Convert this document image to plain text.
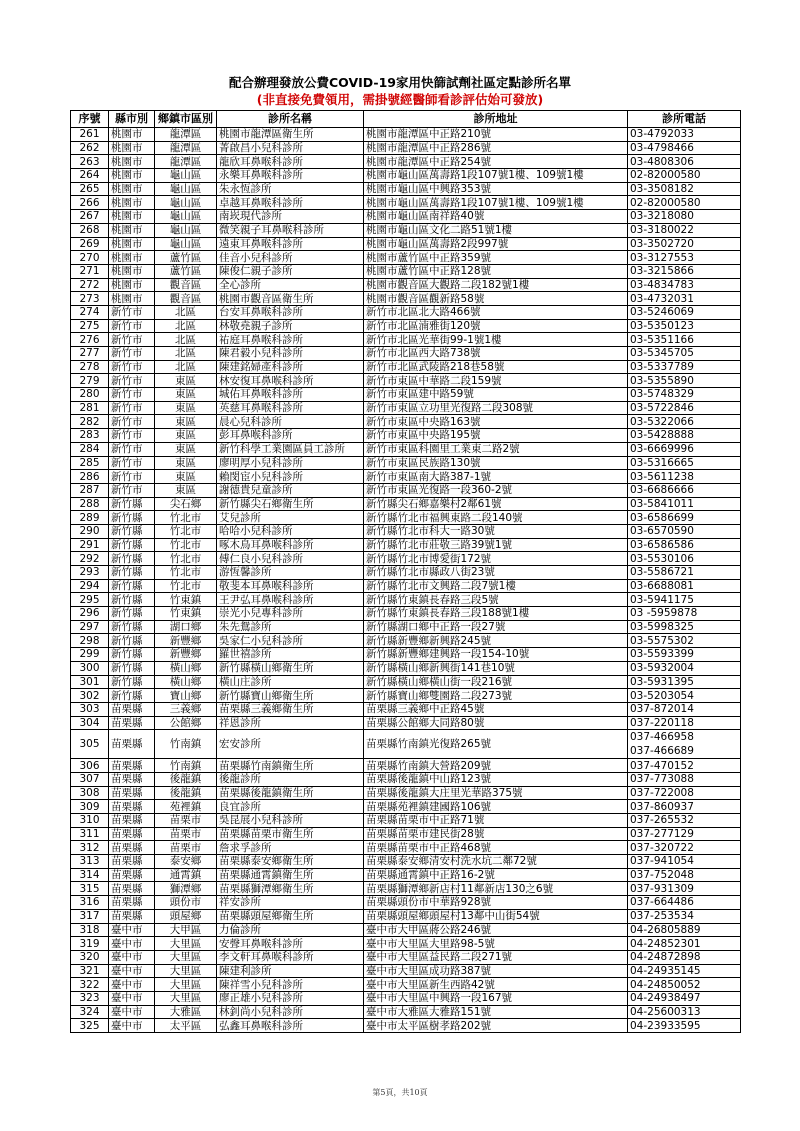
配合辦理發放公費COVID-19家用快篩試劑社區定點診所名單
(非直接免費領用，需掛號經醫師看診評估始可發放)
序號	縣市別	鄉鎮市區別	診所名稱	診所地址	診所電話
261	桃園市	龍潭區	桃園市龍潭區衛生所	桃園市龍潭區中正路210號	03-4792033
262	桃園市	龍潭區	菁啟昌小兒科診所	桃園市龍潭區中正路286號	03-4798466
263	桃園市	龍潭區	龍欣耳鼻喉科診所	桃園市龍潭區中正路254號	03-4808306
264	桃園市	龜山區	永樂耳鼻喉科診所	桃園市龜山區萬壽路1段107號1樓、109號1樓	02-82000580
265	桃園市	龜山區	朱永恆診所	桃園市龜山區中興路353號	03-3508182
266	桃園市	龜山區	卓越耳鼻喉科診所	桃園市龜山區萬壽路1段107號1樓、109號1樓	02-82000580
267	桃園市	龜山區	南崁現代診所	桃園市龜山區南祥路40號	03-3218080
268	桃園市	龜山區	微笑親子耳鼻喉科診所	桃園市龜山區文化二路51號1樓	03-3180022
269	桃園市	龜山區	遠東耳鼻喉科診所	桃園市龜山區萬壽路2段997號	03-3502720
270	桃園市	蘆竹區	佳音小兒科診所	桃園市蘆竹區中正路359號	03-3127553
271	桃園市	蘆竹區	陳俊仁親子診所	桃園市蘆竹區中正路128號	03-3215866
272	桃園市	觀音區	全心診所	桃園市觀音區大觀路二段182號1樓	03-4834783
273	桃園市	觀音區	桃園市觀音區衛生所	桃園市觀音區觀新路58號	03-4732031
274	新竹市	北區	台安耳鼻喉科診所	新竹市北區北大路466號	03-5246069
275	新竹市	北區	林敬堯親子診所	新竹市北區湳雅街120號	03-5350123
276	新竹市	北區	祐庭耳鼻喉科診所	新竹市北區光華街99-1號1樓	03-5351166
277	新竹市	北區	陳君毅小兒科診所	新竹市北區西大路738號	03-5345705
278	新竹市	北區	陳建銘婦產科診所	新竹市北區武陵路218巷58號	03-5337789
279	新竹市	東區	林安復耳鼻喉科診所	新竹市東區中華路二段159號	03-5355890
280	新竹市	東區	城佑耳鼻喉科診所	新竹市東區建中路59號	03-5748329
281	新竹市	東區	英慈耳鼻喉科診所	新竹市東區立功里光復路二段308號	03-5722846
282	新竹市	東區	晨心兒科診所	新竹市東區中央路163號	03-5322066
283	新竹市	東區	彭耳鼻喉科診所	新竹市東區中央路195號	03-5428888
284	新竹市	東區	新竹科學工業園區員工診所	新竹市東區科園里工業東二路2號	03-6669996
285	新竹市	東區	廖明厚小兒科診所	新竹市東區民族路130號	03-5316665
286	新竹市	東區	賴閔宦小兒科診所	新竹市東區南大路387-1號	03-5611238
287	新竹市	東區	謝德貴兒童診所	新竹市東區光復路一段360-2號	03-6686666
288	新竹縣	尖石鄉	新竹縣尖石鄉衛生所	新竹縣尖石鄉嘉樂村2鄰61號	03-5841011
289	新竹縣	竹北市	艾兒診所	新竹縣竹北市福興東路二段140號	03-6586699
290	新竹縣	竹北市	哈哈小兒科診所	新竹縣竹北市科大一路30號	03-6570590
291	新竹縣	竹北市	啄木鳥耳鼻喉科診所	新竹縣竹北市莊敬三路39號1號	03-6586586
292	新竹縣	竹北市	傅仁良小兒科診所	新竹縣竹北市博愛街172號	03-5530106
293	新竹縣	竹北市	游恆馨診所	新竹縣竹北市縣政八街23號	03-5586721
294	新竹縣	竹北市	敬斐本耳鼻喉科診所	新竹縣竹北市文興路二段7號1樓	03-6688081
295	新竹縣	竹東鎮	王尹弘耳鼻喉科診所	新竹縣竹東鎮長春路三段5號	03-5941175
296	新竹縣	竹東鎮	崇光小兒專科診所	新竹縣竹東鎮長春路三段188號1樓	03 -5959878
297	新竹縣	湖口鄉	朱先鴛診所	新竹縣湖口鄉中正路一段27號	03-5998325
298	新竹縣	新豐鄉	吳家仁小兒科診所	新竹縣新豐鄉新興路245號	03-5575302
299	新竹縣	新豐鄉	羅世禧診所	新竹縣新豐鄉建興路一段154-10號	03-5593399
300	新竹縣	橫山鄉	新竹縣橫山鄉衛生所	新竹縣橫山鄉新興街141巷10號	03-5932004
301	新竹縣	橫山鄉	橫山庄診所	新竹縣橫山鄉橫山街一段216號	03-5931395
302	新竹縣	寶山鄉	新竹縣寶山鄉衛生所	新竹縣寶山鄉雙園路二段273號	03-5203054
303	苗栗縣	三義鄉	苗栗縣三義鄉衛生所	苗栗縣三義鄉中正路45號	037-872014
304	苗栗縣	公館鄉	祥恩診所	苗栗縣公館鄉大同路80號	037-220118
305	苗栗縣	竹南鎮	宏安診所	苗栗縣竹南鎮光復路265號	037-466958
037-466689
306	苗栗縣	竹南鎮	苗栗縣竹南鎮衛生所	苗栗縣竹南鎮大營路209號	037-470152
307	苗栗縣	後龍鎮	後龍診所	苗栗縣後龍鎮中山路123號	037-773088
308	苗栗縣	後龍鎮	苗栗縣後龍鎮衛生所	苗栗縣後龍鎮大庄里光華路375號	037-722008
309	苗栗縣	苑裡鎮	良宜診所	苗栗縣苑裡鎮建國路106號	037-860937
310	苗栗縣	苗栗市	吳昆展小兒科診所	苗栗縣苗栗市中正路71號	037-265532
311	苗栗縣	苗栗市	苗栗縣苗栗市衛生所	苗栗縣苗栗市建民街28號	037-277129
312	苗栗縣	苗栗市	詹求孚診所	苗栗縣苗栗市中正路468號	037-320722
313	苗栗縣	泰安鄉	苗栗縣泰安鄉衛生所	苗栗縣泰安鄉清安村洗水坑二鄰72號	037-941054
314	苗栗縣	通霄鎮	苗栗縣通霄鎮衛生所	苗栗縣通霄鎮中正路16-2號	037-752048
315	苗栗縣	獅潭鄉	苗栗縣獅潭鄉衛生所	苗栗縣獅潭鄉新店村11鄰新店130之6號	037-931309
316	苗栗縣	頭份市	祥安診所	苗栗縣頭份市中華路928號	037-664486
317	苗栗縣	頭屋鄉	苗栗縣頭屋鄉衛生所	苗栗縣頭屋鄉頭屋村13鄰中山街54號	037-253534
318	臺中市	大甲區	力倫診所	臺中市大甲區蔣公路246號	04-26805889
319	臺中市	大里區	安聲耳鼻喉科診所	臺中市大里區大里路98-5號	04-24852301
320	臺中市	大里區	李文軒耳鼻喉科診所	臺中市大里區益民路二段271號	04-24872898
321	臺中市	大里區	陳建利診所	臺中市大里區成功路387號	04-24935145
322	臺中市	大里區	陳祥雪小兒科診所	臺中市大里區新生西路42號	04-24850052
323	臺中市	大里區	廖正雄小兒科診所	臺中市大里區中興路一段167號	04-24938497
324	臺中市	大雅區	林釗尚小兒科診所	臺中市大雅區大雅路151號	04-25600313
325	臺中市	太平區	弘鑫耳鼻喉科診所	臺中市太平區樹孝路202號	04-23933595
第5頁，共10頁
